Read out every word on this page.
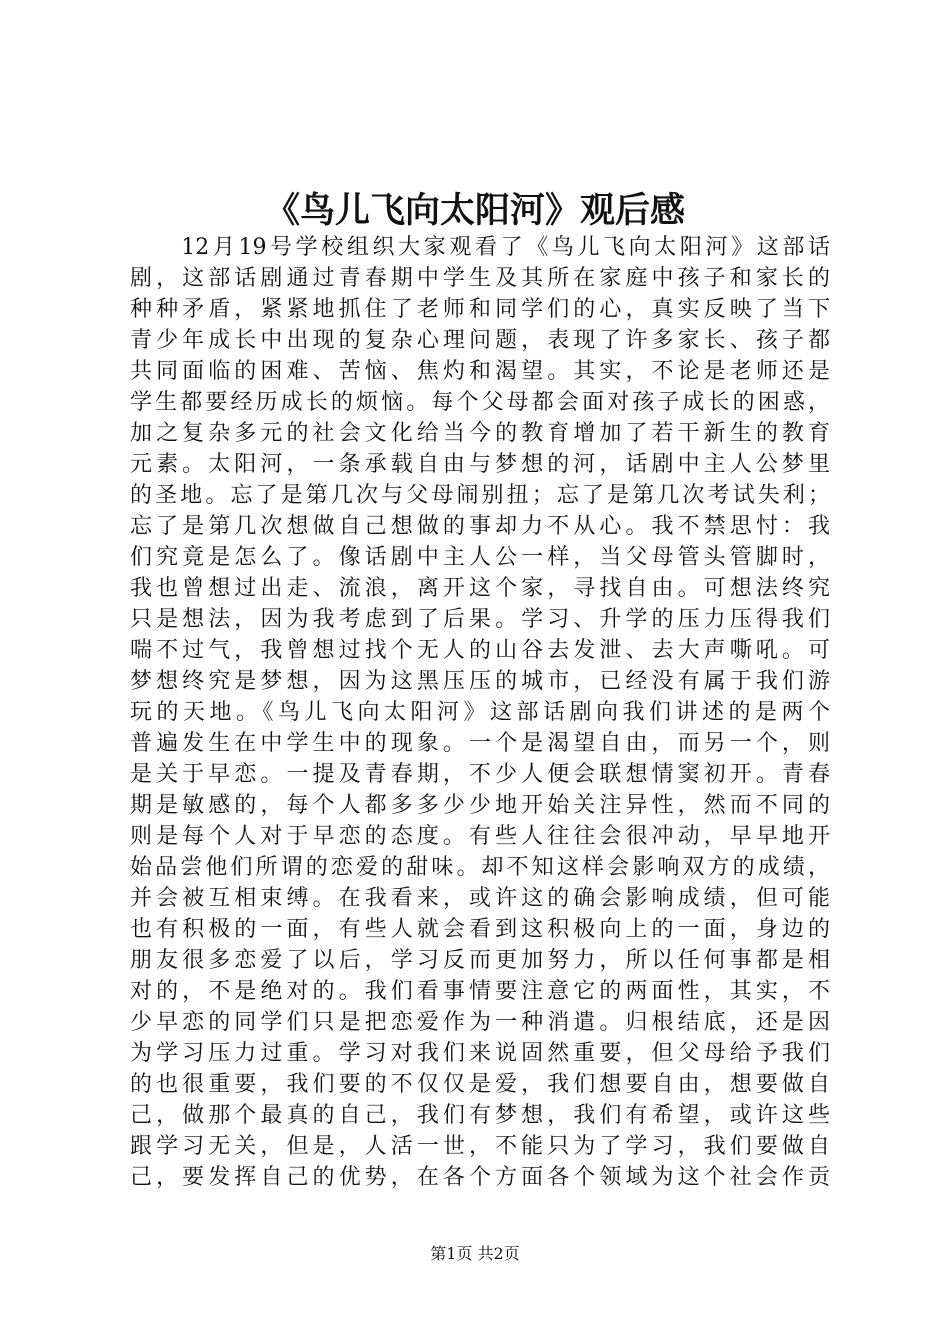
《鸟儿飞向太阳河》观后感
　　12月19号学校组织大家观看了《鸟儿飞向太阳河》这部话
剧，这部话剧通过青春期中学生及其所在家庭中孩子和家长的
种种矛盾，紧紧地抓住了老师和同学们的心，真实反映了当下
青少年成长中出现的复杂心理问题，表现了许多家长、孩子都
共同面临的困难、苦恼、焦灼和渴望。其实，不论是老师还是
学生都要经历成长的烦恼。每个父母都会面对孩子成长的困惑，
加之复杂多元的社会文化给当今的教育增加了若干新生的教育
元素。太阳河，一条承载自由与梦想的河，话剧中主人公梦里
的圣地。忘了是第几次与父母闹别扭；忘了是第几次考试失利；
忘了是第几次想做自己想做的事却力不从心。我不禁思忖：我
们究竟是怎么了。像话剧中主人公一样，当父母管头管脚时，
我也曾想过出走、流浪，离开这个家，寻找自由。可想法终究
只是想法，因为我考虑到了后果。学习、升学的压力压得我们
喘不过气，我曾想过找个无人的山谷去发泄、去大声嘶吼。可
梦想终究是梦想，因为这黑压压的城市，已经没有属于我们游
玩的天地。《鸟儿飞向太阳河》这部话剧向我们讲述的是两个
普遍发生在中学生中的现象。一个是渴望自由，而另一个，则
是关于早恋。一提及青春期，不少人便会联想情窦初开。青春
期是敏感的，每个人都多多少少地开始关注异性，然而不同的
则是每个人对于早恋的态度。有些人往往会很冲动，早早地开
始品尝他们所谓的恋爱的甜味。却不知这样会影响双方的成绩，
并会被互相束缚。在我看来，或许这的确会影响成绩，但可能
也有积极的一面，有些人就会看到这积极向上的一面，身边的
朋友很多恋爱了以后，学习反而更加努力，所以任何事都是相
对的，不是绝对的。我们看事情要注意它的两面性，其实，不
少早恋的同学们只是把恋爱作为一种消遣。归根结底，还是因
为学习压力过重。学习对我们来说固然重要，但父母给予我们
的也很重要，我们要的不仅仅是爱，我们想要自由，想要做自
己，做那个最真的自己，我们有梦想，我们有希望，或许这些
跟学习无关，但是，人活一世，不能只为了学习，我们要做自
己，要发挥自己的优势，在各个方面各个领域为这个社会作贡
第1页 共2页
